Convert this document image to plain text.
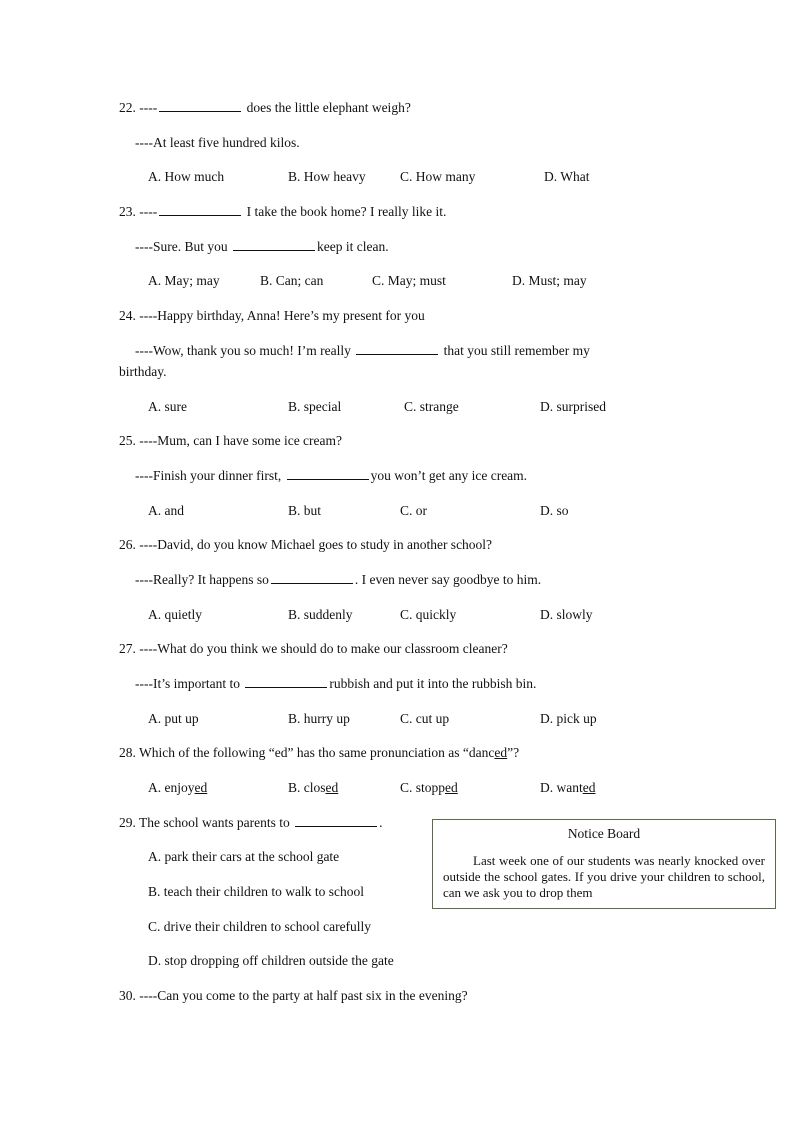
22. ----	does the little elephant weigh?
----At least five hundred kilos.
A. How much	B. How heavy	C. How many	D. What
23. ----	I take the book home? I really like it.
----Sure. But you	keep it clean.
A. May; may	B. Can; can	C. May; must	D. Must; may
24. ----Happy birthday, Anna! Here’s my present for you
----Wow, thank you so much! I’m really	that you still remember my
birthday.
A. sure	B. special	C. strange	D. surprised
25. ----Mum, can I have some ice cream?
----Finish your dinner first,	you won’t get any ice cream.
A. and	B. but	C. or	D. so
26. ----David, do you know Michael goes to study in another school?
----Really? It happens so	. I even never say goodbye to him.
A. quietly	B. suddenly	C. quickly	D. slowly
27. ----What do you think we should do to make our classroom cleaner?
----It’s important to	rubbish and put it into the rubbish bin.
A. put up	B. hurry up	C. cut up	D. pick up
28. Which of the following “ed” has tho same pronunciation as “danced”?
A. enjoyed	B. closed	C. stopped	D. wanted
29. The school wants parents to	.
A. park their cars at the school gate
B. teach their children to walk to school
C. drive their children to school carefully
D. stop dropping off children outside the gate
Notice Board
Last week one of our students was nearly knocked over outside the school gates. If you drive your children to school, can we ask you to drop them
30. ----Can you come to the party at half past six in the evening?
